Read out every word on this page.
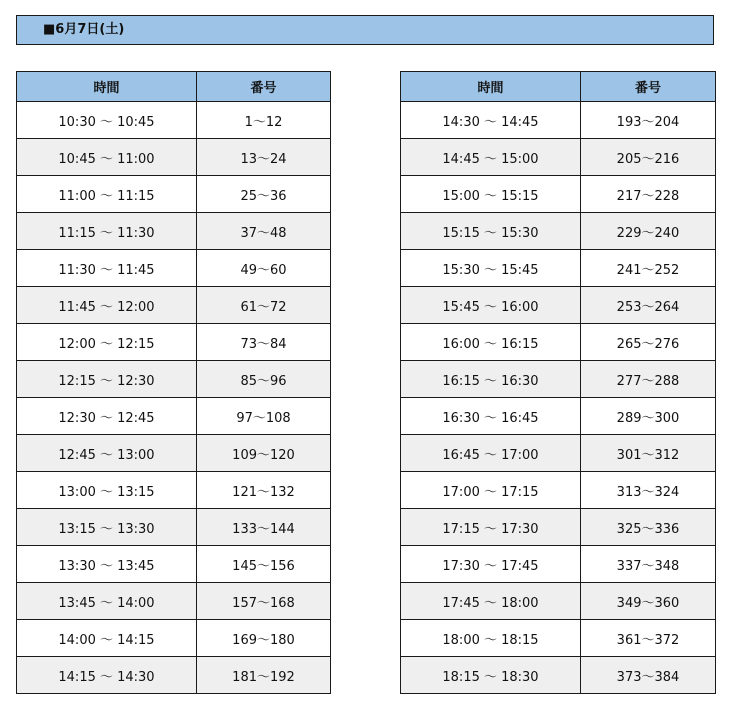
■6月7日(土)
時間	番号
10:30 ～ 10:45	1～12
10:45 ～ 11:00	13～24
11:00 ～ 11:15	25～36
11:15 ～ 11:30	37～48
11:30 ～ 11:45	49～60
11:45 ～ 12:00	61～72
12:00 ～ 12:15	73～84
12:15 ～ 12:30	85～96
12:30 ～ 12:45	97～108
12:45 ～ 13:00	109～120
13:00 ～ 13:15	121～132
13:15 ～ 13:30	133～144
13:30 ～ 13:45	145～156
13:45 ～ 14:00	157～168
14:00 ～ 14:15	169～180
14:15 ～ 14:30	181～192
時間	番号
14:30 ～ 14:45	193～204
14:45 ～ 15:00	205～216
15:00 ～ 15:15	217～228
15:15 ～ 15:30	229～240
15:30 ～ 15:45	241～252
15:45 ～ 16:00	253～264
16:00 ～ 16:15	265～276
16:15 ～ 16:30	277～288
16:30 ～ 16:45	289～300
16:45 ～ 17:00	301～312
17:00 ～ 17:15	313～324
17:15 ～ 17:30	325～336
17:30 ～ 17:45	337～348
17:45 ～ 18:00	349～360
18:00 ～ 18:15	361～372
18:15 ～ 18:30	373～384
